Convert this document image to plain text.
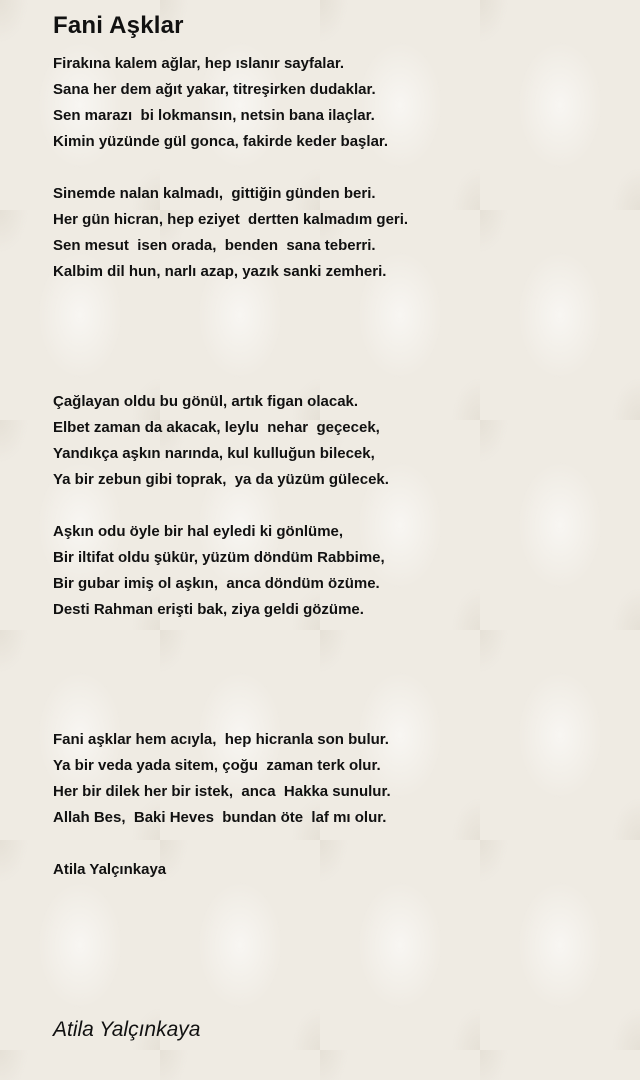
Fani Aşklar
Firakına kalem ağlar, hep ıslanır sayfalar.
Sana her dem ağıt yakar, titreşirken dudaklar.
Sen marazı  bi lokmansın, netsin bana ilaçlar.
Kimin yüzünde gül gonca, fakirde keder başlar.
Sinemde nalan kalmadı,  gittiğin günden beri.
Her gün hicran, hep eziyet  dertten kalmadım geri.
Sen mesut  isen orada,  benden  sana teberri.
Kalbim dil hun, narlı azap, yazık sanki zemheri.
Çağlayan oldu bu gönül, artık figan olacak.
Elbet zaman da akacak, leylu  nehar  geçecek,
Yandıkça aşkın narında, kul kulluğun bilecek,
Ya bir zebun gibi toprak,  ya da yüzüm gülecek.
Aşkın odu öyle bir hal eyledi ki gönlüme,
Bir iltifat oldu şükür, yüzüm döndüm Rabbime,
Bir gubar imiş ol aşkın,  anca döndüm özüme.
Desti Rahman erişti bak, ziya geldi gözüme.
Fani aşklar hem acıyla,  hep hicranla son bulur.
Ya bir veda yada sitem, çoğu  zaman terk olur.
Her bir dilek her bir istek,  anca  Hakka sunulur.
Allah Bes,  Baki Heves  bundan öte  laf mı olur.
Atila Yalçınkaya
Atila Yalçınkaya
